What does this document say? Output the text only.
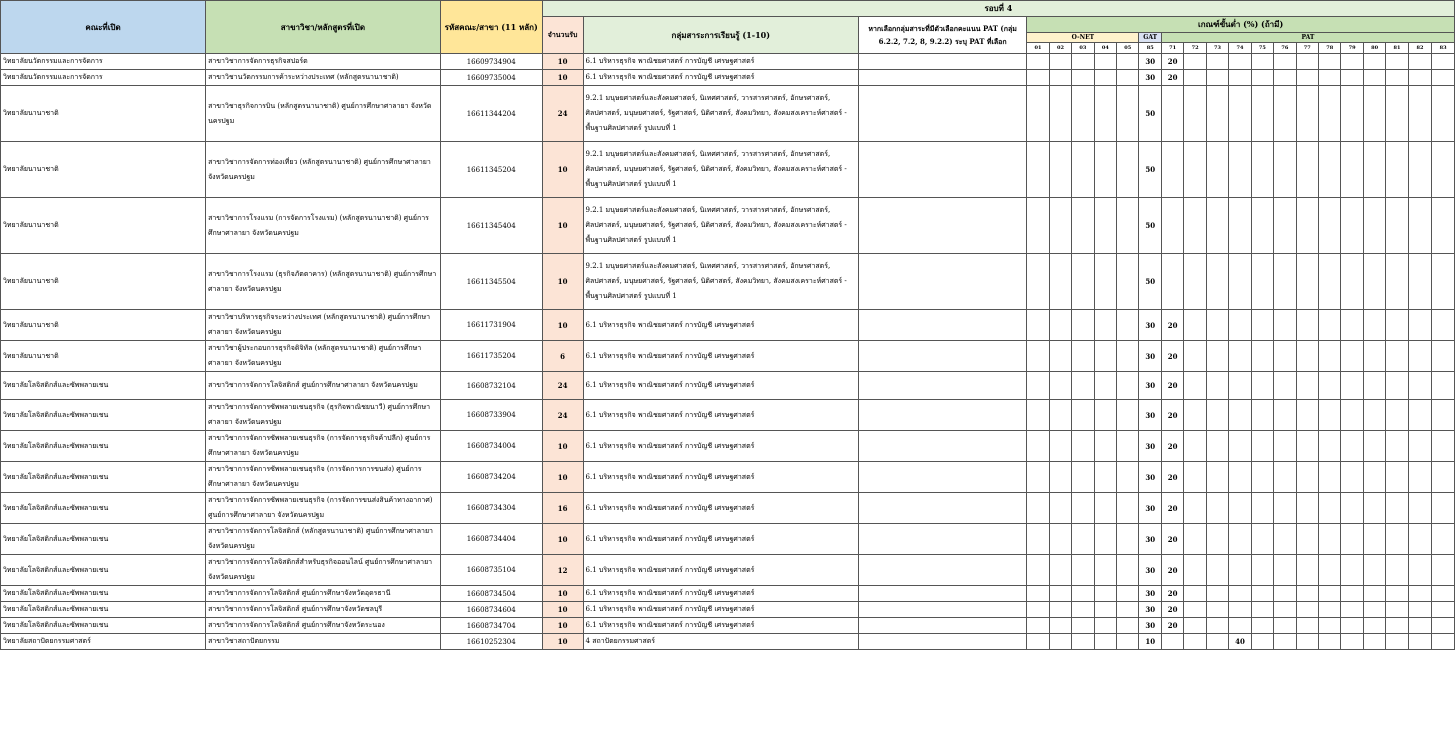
คณะที่เปิด	สาขาวิชา/หลักสูตรที่เปิด	รหัสคณะ/สาขา (11 หลัก)	รอบที่ 4																					
			จำนวนรับ	กลุ่มสาระการเรียนรู้ (1-10)	หากเลือกกลุ่มสาระที่มีตัวเลือกคะแนน PAT (กลุ่ม 6.2.2, 7.2, 8, 9.2.2) ระบุ PAT ที่เลือก	เกณฑ์ขั้นต่ำ (%) (ถ้ามี)																		
						O-NET					GAT	PAT												
						01	02	03	04	05	85	71	72	73	74	75	76	77	78	79	80	81	82	83
วิทยาลัยนวัตกรรมและการจัดการ	สาขาวิชาการจัดการธุรกิจสปอร์ต	16609734904	10	6.1 บริหารธุรกิจ พาณิชยศาสตร์ การบัญชี เศรษฐศาสตร์							30	20												
วิทยาลัยนวัตกรรมและการจัดการ	สาขาวิชานวัตกรรมการค้าระหว่างประเทศ (หลักสูตรนานาชาติ)	16609735004	10	6.1 บริหารธุรกิจ พาณิชยศาสตร์ การบัญชี เศรษฐศาสตร์							30	20												
วิทยาลัยนานาชาติ	สาขาวิชาธุรกิจการบิน (หลักสูตรนานาชาติ) ศูนย์การศึกษาศาลายา จังหวัดนครปฐม	16611344204	24	9.2.1 มนุษยศาสตร์และสังคมศาสตร์, นิเทศศาสตร์, วารสารศาสตร์, อักษรศาสตร์, ศิลปศาสตร์, มนุษยศาสตร์, รัฐศาสตร์, นิติศาสตร์, สังคมวิทยา, สังคมสงเคราะห์ศาสตร์ - พื้นฐานศิลปศาสตร์ รูปแบบที่ 1							50													
วิทยาลัยนานาชาติ	สาขาวิชาการจัดการท่องเที่ยว (หลักสูตรนานาชาติ) ศูนย์การศึกษาศาลายา จังหวัดนครปฐม	16611345204	10	9.2.1 มนุษยศาสตร์และสังคมศาสตร์, นิเทศศาสตร์, วารสารศาสตร์, อักษรศาสตร์, ศิลปศาสตร์, มนุษยศาสตร์, รัฐศาสตร์, นิติศาสตร์, สังคมวิทยา, สังคมสงเคราะห์ศาสตร์ - พื้นฐานศิลปศาสตร์ รูปแบบที่ 1							50													
วิทยาลัยนานาชาติ	สาขาวิชาการโรงแรม (การจัดการโรงแรม) (หลักสูตรนานาชาติ) ศูนย์การศึกษาศาลายา จังหวัดนครปฐม	16611345404	10	9.2.1 มนุษยศาสตร์และสังคมศาสตร์, นิเทศศาสตร์, วารสารศาสตร์, อักษรศาสตร์, ศิลปศาสตร์, มนุษยศาสตร์, รัฐศาสตร์, นิติศาสตร์, สังคมวิทยา, สังคมสงเคราะห์ศาสตร์ - พื้นฐานศิลปศาสตร์ รูปแบบที่ 1							50													
วิทยาลัยนานาชาติ	สาขาวิชาการโรงแรม (ธุรกิจภัตตาคาร) (หลักสูตรนานาชาติ) ศูนย์การศึกษาศาลายา จังหวัดนครปฐม	16611345504	10	9.2.1 มนุษยศาสตร์และสังคมศาสตร์, นิเทศศาสตร์, วารสารศาสตร์, อักษรศาสตร์, ศิลปศาสตร์, มนุษยศาสตร์, รัฐศาสตร์, นิติศาสตร์, สังคมวิทยา, สังคมสงเคราะห์ศาสตร์ - พื้นฐานศิลปศาสตร์ รูปแบบที่ 1							50													
วิทยาลัยนานาชาติ	สาขาวิชาบริหารธุรกิจระหว่างประเทศ (หลักสูตรนานาชาติ) ศูนย์การศึกษาศาลายา จังหวัดนครปฐม	16611731904	10	6.1 บริหารธุรกิจ พาณิชยศาสตร์ การบัญชี เศรษฐศาสตร์							30	20												
วิทยาลัยนานาชาติ	สาขาวิชาผู้ประกอบการธุรกิจดิจิทัล (หลักสูตรนานาชาติ) ศูนย์การศึกษาศาลายา จังหวัดนครปฐม	16611735204	6	6.1 บริหารธุรกิจ พาณิชยศาสตร์ การบัญชี เศรษฐศาสตร์							30	20												
วิทยาลัยโลจิสติกส์และซัพพลายเชน	สาขาวิชาการจัดการโลจิสติกส์ ศูนย์การศึกษาศาลายา จังหวัดนครปฐม	16608732104	24	6.1 บริหารธุรกิจ พาณิชยศาสตร์ การบัญชี เศรษฐศาสตร์							30	20												
วิทยาลัยโลจิสติกส์และซัพพลายเชน	สาขาวิชาการจัดการซัพพลายเชนธุรกิจ (ธุรกิจพาณิชยนาวี) ศูนย์การศึกษาศาลายา จังหวัดนครปฐม	16608733904	24	6.1 บริหารธุรกิจ พาณิชยศาสตร์ การบัญชี เศรษฐศาสตร์							30	20												
วิทยาลัยโลจิสติกส์และซัพพลายเชน	สาขาวิชาการจัดการซัพพลายเชนธุรกิจ (การจัดการธุรกิจค้าปลีก) ศูนย์การศึกษาศาลายา จังหวัดนครปฐม	16608734004	10	6.1 บริหารธุรกิจ พาณิชยศาสตร์ การบัญชี เศรษฐศาสตร์							30	20												
วิทยาลัยโลจิสติกส์และซัพพลายเชน	สาขาวิชาการจัดการซัพพลายเชนธุรกิจ (การจัดการการขนส่ง) ศูนย์การศึกษาศาลายา จังหวัดนครปฐม	16608734204	10	6.1 บริหารธุรกิจ พาณิชยศาสตร์ การบัญชี เศรษฐศาสตร์							30	20												
วิทยาลัยโลจิสติกส์และซัพพลายเชน	สาขาวิชาการจัดการซัพพลายเชนธุรกิจ (การจัดการขนส่งสินค้าทางอากาศ) ศูนย์การศึกษาศาลายา จังหวัดนครปฐม	16608734304	16	6.1 บริหารธุรกิจ พาณิชยศาสตร์ การบัญชี เศรษฐศาสตร์							30	20												
วิทยาลัยโลจิสติกส์และซัพพลายเชน	สาขาวิชาการจัดการโลจิสติกส์ (หลักสูตรนานาชาติ) ศูนย์การศึกษาศาลายา จังหวัดนครปฐม	16608734404	10	6.1 บริหารธุรกิจ พาณิชยศาสตร์ การบัญชี เศรษฐศาสตร์							30	20												
วิทยาลัยโลจิสติกส์และซัพพลายเชน	สาขาวิชาการจัดการโลจิสติกส์สำหรับธุรกิจออนไลน์ ศูนย์การศึกษาศาลายา จังหวัดนครปฐม	16608735104	12	6.1 บริหารธุรกิจ พาณิชยศาสตร์ การบัญชี เศรษฐศาสตร์							30	20												
วิทยาลัยโลจิสติกส์และซัพพลายเชน	สาขาวิชาการจัดการโลจิสติกส์ ศูนย์การศึกษาจังหวัดอุดรธานี	16608734504	10	6.1 บริหารธุรกิจ พาณิชยศาสตร์ การบัญชี เศรษฐศาสตร์							30	20												
วิทยาลัยโลจิสติกส์และซัพพลายเชน	สาขาวิชาการจัดการโลจิสติกส์ ศูนย์การศึกษาจังหวัดชลบุรี	16608734604	10	6.1 บริหารธุรกิจ พาณิชยศาสตร์ การบัญชี เศรษฐศาสตร์							30	20												
วิทยาลัยโลจิสติกส์และซัพพลายเชน	สาขาวิชาการจัดการโลจิสติกส์ ศูนย์การศึกษาจังหวัดระนอง	16608734704	10	6.1 บริหารธุรกิจ พาณิชยศาสตร์ การบัญชี เศรษฐศาสตร์							30	20												
วิทยาลัยสถาปัตยกรรมศาสตร์	สาขาวิชาสถาปัตยกรรม	16610252304	10	4 สถาปัตยกรรมศาสตร์							10				40									
